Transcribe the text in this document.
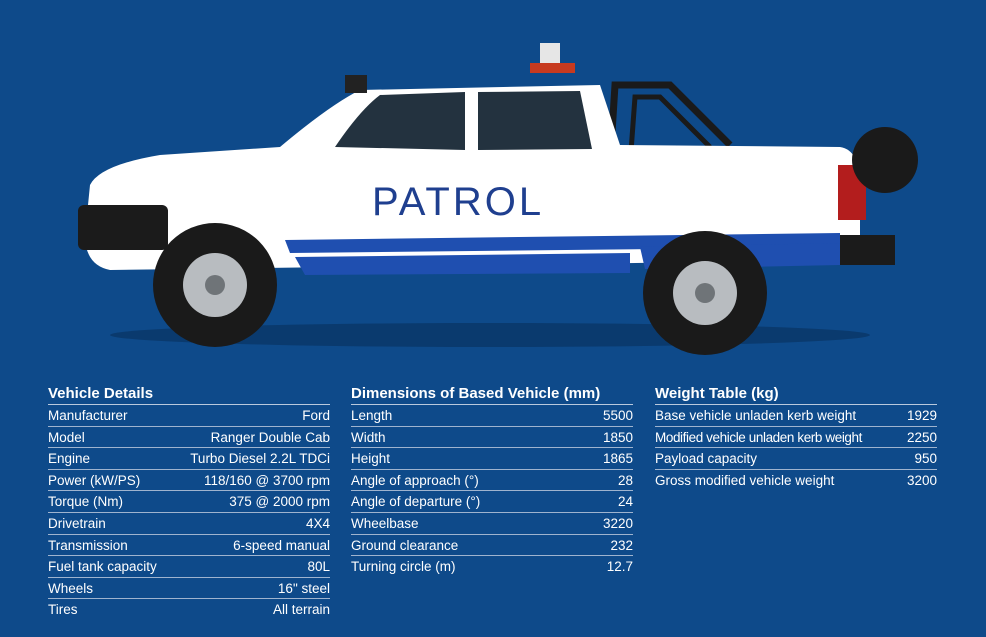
PATROL
Vehicle Details
Manufacturer	Ford
Model	Ranger Double Cab
Engine	Turbo Diesel 2.2L TDCi
Power (kW/PS)	118/160 @ 3700 rpm
Torque (Nm)	375 @ 2000 rpm
Drivetrain	4X4
Transmission	6-speed manual
Fuel tank capacity	80L
Wheels	16" steel
Tires	All terrain
Dimensions of Based Vehicle (mm)
Length	5500
Width	1850
Height	1865
Angle of approach (°)	28
Angle of departure (°)	24
Wheelbase	3220
Ground clearance	232
Turning circle (m)	12.7
Weight Table (kg)
Base vehicle unladen kerb weight	1929
Modified vehicle unladen kerb weight	2250
Payload capacity	950
Gross modified vehicle weight	3200
